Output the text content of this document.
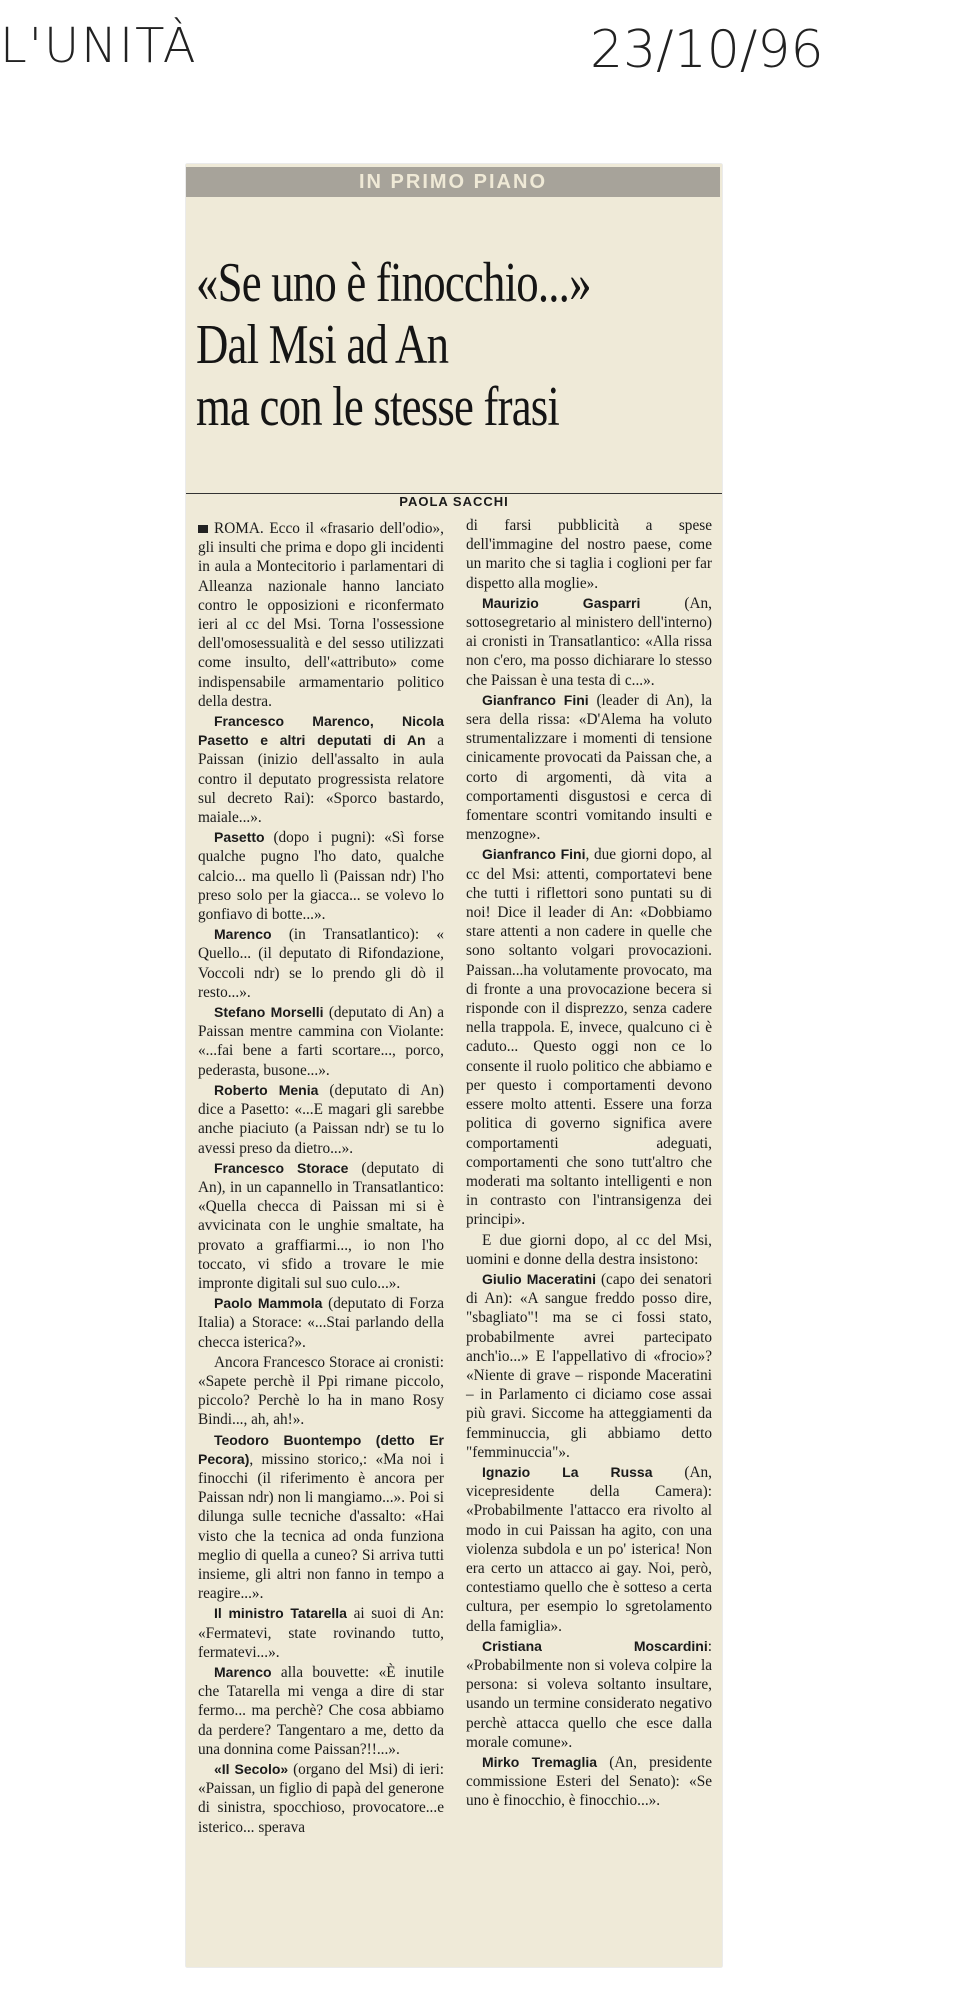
L'UNITÀ	23/10/96
IN PRIMO PIANO
«Se uno è finocchio...»
Dal Msi ad An
ma con le stesse frasi
PAOLA SACCHI

ROMA. Ecco il «frasario dell'odio», gli insulti che prima e dopo gli incidenti in aula a Montecitorio i parlamentari di Alleanza nazionale hanno lanciato contro le opposizioni e riconfermato ieri al cc del Msi. Torna l'ossessione dell'omosessualità e del sesso utilizzati come insulto, dell'«attributo» come indispensabile armamentario politico della destra.

Francesco Marenco, Nicola Pasetto e altri deputati di An a Paissan (inizio dell'assalto in aula contro il deputato progressista relatore sul decreto Rai): «Sporco bastardo, maiale...».

Pasetto (dopo i pugni): «Sì forse qualche pugno l'ho dato, qualche calcio... ma quello lì (Paissan ndr) l'ho preso solo per la giacca... se volevo lo gonfiavo di botte...».

Marenco (in Transatlantico): « Quello... (il deputato di Rifondazione, Voccoli ndr) se lo prendo gli dò il resto...».

Stefano Morselli (deputato di An) a Paissan mentre cammina con Violante: «...fai bene a farti scortare..., porco, pederasta, busone...».

Roberto Menia (deputato di An) dice a Pasetto: «...E magari gli sarebbe anche piaciuto (a Paissan ndr) se tu lo avessi preso da dietro...».

Francesco Storace (deputato di An), in un capannello in Transatlantico: «Quella checca di Paissan mi si è avvicinata con le unghie smaltate, ha provato a graffiarmi..., io non l'ho toccato, vi sfido a trovare le mie impronte digitali sul suo culo...».

Paolo Mammola (deputato di Forza Italia) a Storace: «...Stai parlando della checca isterica?».

Ancora Francesco Storace ai cronisti: «Sapete perchè il Ppi rimane piccolo, piccolo? Perchè lo ha in mano Rosy Bindi..., ah, ah!».

Teodoro Buontempo (detto Er Pecora), missino storico,: «Ma noi i finocchi (il riferimento è ancora per Paissan ndr) non li mangiamo...». Poi si dilunga sulle tecniche d'assalto: «Hai visto che la tecnica ad onda funziona meglio di quella a cuneo? Si arriva tutti insieme, gli altri non fanno in tempo a reagire...».

Il ministro Tatarella ai suoi di An: «Fermatevi, state rovinando tutto, fermatevi...».

Marenco alla bouvette: «È inutile che Tatarella mi venga a dire di star fermo... ma perchè? Che cosa abbiamo da perdere? Tangentaro a me, detto da una donnina come Paissan?!!...».

«Il Secolo» (organo del Msi) di ieri: «Paissan, un figlio di papà del generone di sinistra, spocchioso, provocatore...e isterico... sperava

di farsi pubblicità a spese dell'immagine del nostro paese, come un marito che si taglia i coglioni per far dispetto alla moglie».

Maurizio Gasparri (An, sottosegretario al ministero dell'interno) ai cronisti in Transatlantico: «Alla rissa non c'ero, ma posso dichiarare lo stesso che Paissan è una testa di c...».

Gianfranco Fini (leader di An), la sera della rissa: «D'Alema ha voluto strumentalizzare i momenti di tensione cinicamente provocati da Paissan che, a corto di argomenti, dà vita a comportamenti disgustosi e cerca di fomentare scontri vomitando insulti e menzogne».

Gianfranco Fini, due giorni dopo, al cc del Msi: attenti, comportatevi bene che tutti i riflettori sono puntati su di noi! Dice il leader di An: «Dobbiamo stare attenti a non cadere in quelle che sono soltanto volgari provocazioni. Paissan...ha volutamente provocato, ma di fronte a una provocazione becera si risponde con il disprezzo, senza cadere nella trappola. E, invece, qualcuno ci è caduto... Questo oggi non ce lo consente il ruolo politico che abbiamo e per questo i comportamenti devono essere molto attenti. Essere una forza politica di governo significa avere comportamenti adeguati, comportamenti che sono tutt'altro che moderati ma soltanto intelligenti e non in contrasto con l'intransigenza dei principi».

E due giorni dopo, al cc del Msi, uomini e donne della destra insistono:

Giulio Maceratini (capo dei senatori di An): «A sangue freddo posso dire, "sbagliato"! ma se ci fossi stato, probabilmente avrei partecipato anch'io...» E l'appellativo di «frocio»? «Niente di grave – risponde Maceratini – in Parlamento ci diciamo cose assai più gravi. Siccome ha atteggiamenti da femminuccia, gli abbiamo detto "femminuccia"».

Ignazio La Russa (An, vicepresidente della Camera): «Probabilmente l'attacco era rivolto al modo in cui Paissan ha agito, con una violenza subdola e un po' isterica! Non era certo un attacco ai gay. Noi, però, contestiamo quello che è sotteso a certa cultura, per esempio lo sgretolamento della famiglia».

Cristiana Moscardini: «Probabilmente non si voleva colpire la persona: si voleva soltanto insultare, usando un termine considerato negativo perchè attacca quello che esce dalla morale comune».

Mirko Tremaglia (An, presidente commissione Esteri del Senato): «Se uno è finocchio, è finocchio...».
